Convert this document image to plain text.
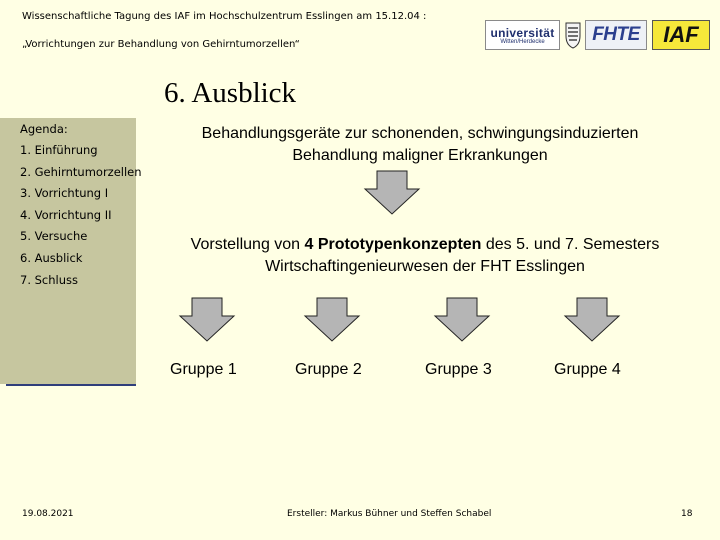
Wissenschaftliche Tagung des IAF im Hochschulzentrum Esslingen am 15.12.04 :
„Vorrichtungen zur Behandlung von Gehirntumorzellen“
universität
Witten/Herdecke	FHTE IAF
6. Ausblick
Agenda:
1. Einführung
2. Gehirntumorzellen
3. Vorrichtung I
4. Vorrichtung II
5. Versuche
6. Ausblick
7. Schluss
Behandlungsgeräte zur schonenden, schwingungsinduzierten Behandlung maligner Erkrankungen
Vorstellung von 4 Prototypenkonzepten des 5. und 7. Semesters Wirtschaftingenieurwesen der FHT Esslingen
Gruppe 1	Gruppe 2	Gruppe 3	Gruppe 4
19.08.2021	Ersteller: Markus Bühner und Steffen Schabel	18
